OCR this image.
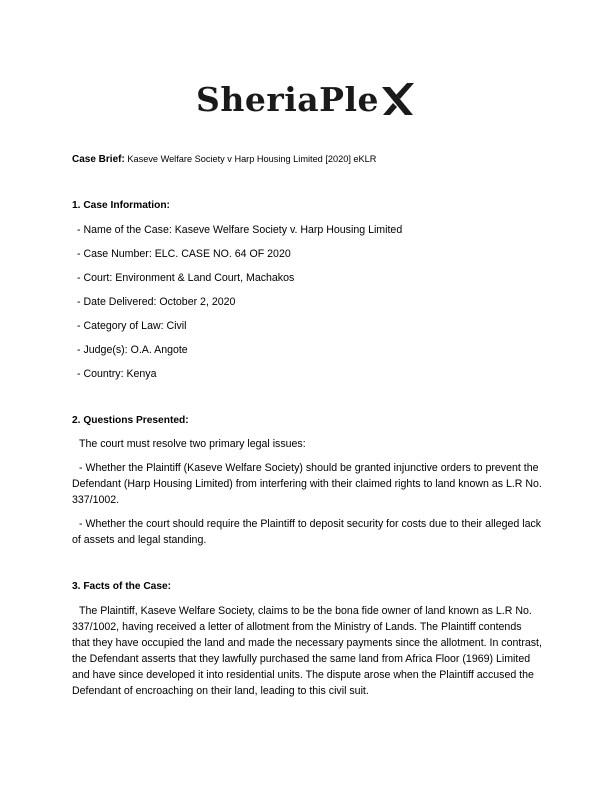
SheriaPle
Case Brief: Kaseve Welfare Society v Harp Housing Limited [2020] eKLR
1. Case Information:
- Name of the Case: Kaseve Welfare Society v. Harp Housing Limited
- Case Number: ELC. CASE NO. 64 OF 2020
- Court: Environment & Land Court, Machakos
- Date Delivered: October 2, 2020
- Category of Law: Civil
- Judge(s): O.A. Angote
- Country: Kenya
2. Questions Presented:

The court must resolve two primary legal issues:

- Whether the Plaintiff (Kaseve Welfare Society) should be granted injunctive orders to prevent the Defendant (Harp Housing Limited) from interfering with their claimed rights to land known as L.R No. 337/1002.

- Whether the court should require the Plaintiff to deposit security for costs due to their alleged lack of assets and legal standing.

3. Facts of the Case:

The Plaintiff, Kaseve Welfare Society, claims to be the bona fide owner of land known as L.R No. 337/1002, having received a letter of allotment from the Ministry of Lands. The Plaintiff contends that they have occupied the land and made the necessary payments since the allotment. In contrast, the Defendant asserts that they lawfully purchased the same land from Africa Floor (1969) Limited and have since developed it into residential units. The dispute arose when the Plaintiff accused the Defendant of encroaching on their land, leading to this civil suit.
